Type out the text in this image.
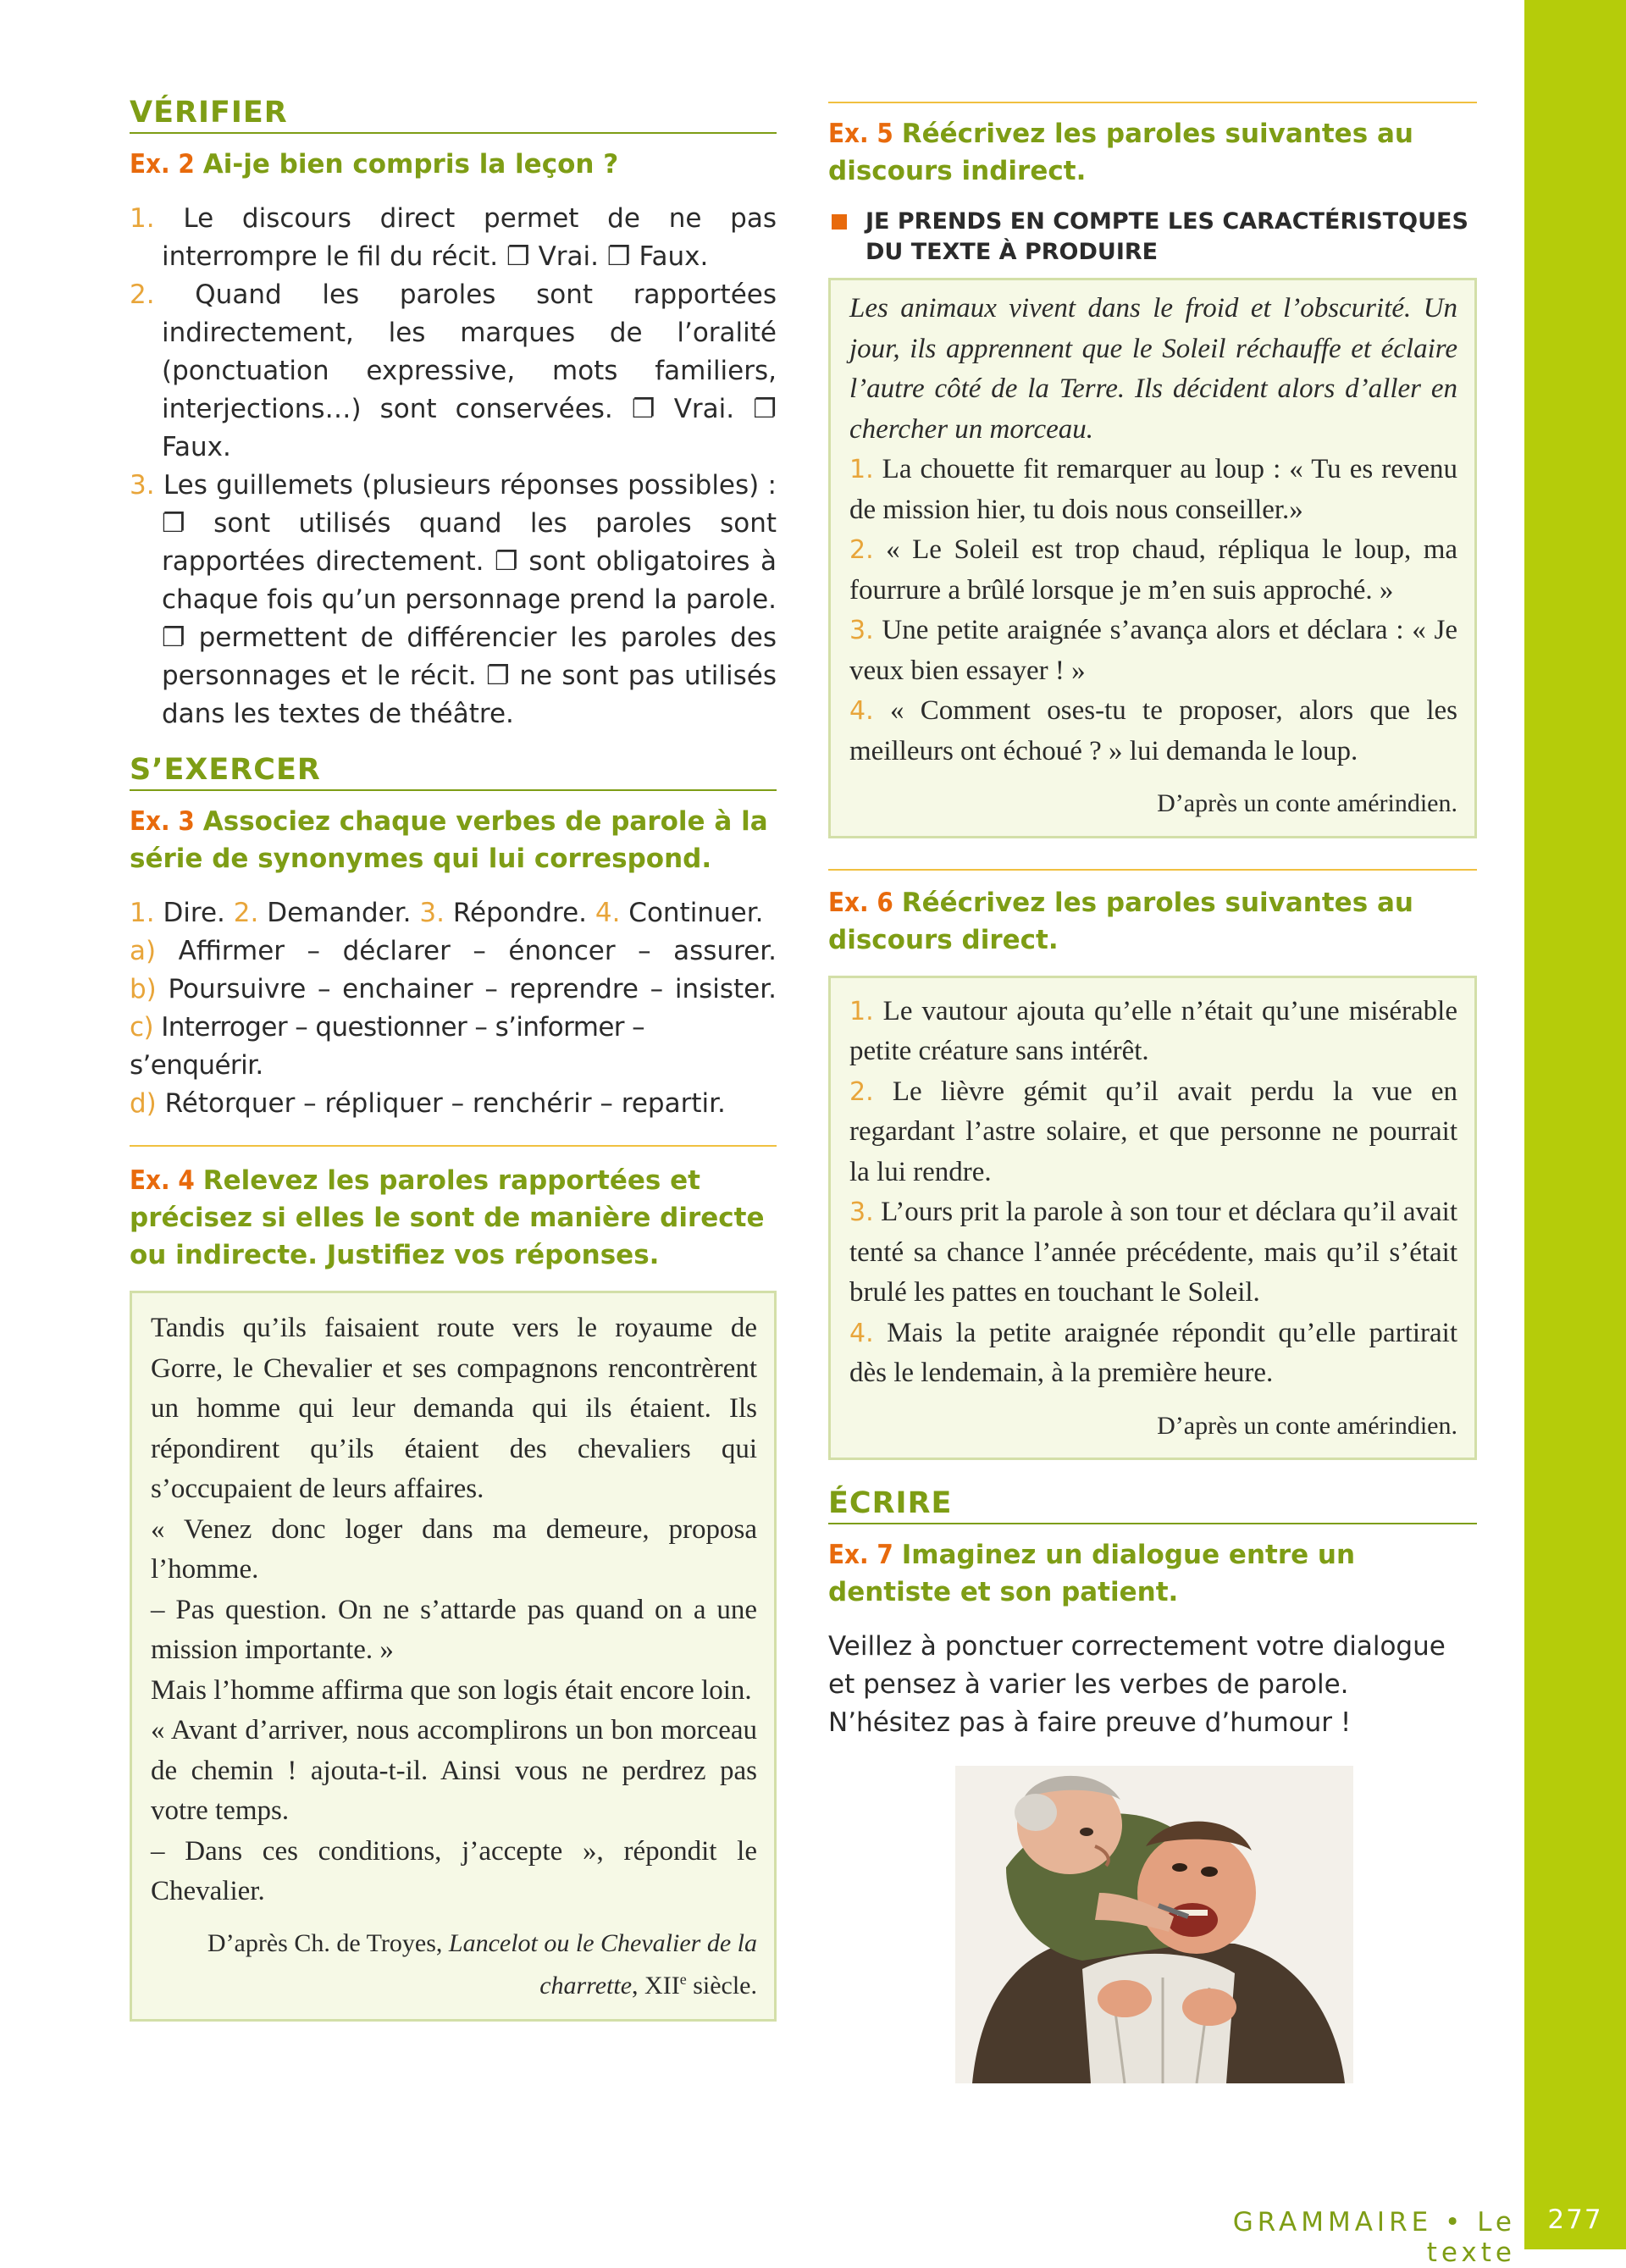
VÉRIFIER
Ex. 2 Ai-je bien compris la leçon ?
1. Le discours direct permet de ne pas interrompre le fil du récit. ❐ Vrai. ❐ Faux.
2. Quand les paroles sont rapportées indirectement, les marques de l’oralité (ponctuation expressive, mots familiers, interjections…) sont conservées. ❐ Vrai. ❐ Faux.
3. Les guillemets (plusieurs réponses possibles) : ❐ sont utilisés quand les paroles sont rapportées directement. ❐ sont obligatoires à chaque fois qu’un personnage prend la parole. ❐ permettent de différencier les paroles des personnages et le récit. ❐ ne sont pas utilisés dans les textes de théâtre.
S’EXERCER
Ex. 3 Associez chaque verbes de parole à la série de synonymes qui lui correspond.
1. Dire. 2. Demander. 3. Répondre. 4. Continuer.
a) Affirmer – déclarer – énoncer – assurer.
b) Poursuivre – enchainer – reprendre – insister.
c) Interroger – questionner – s’informer – s’enquérir.
d) Rétorquer – répliquer – renchérir – repartir.
Ex. 4 Relevez les paroles rapportées et précisez si elles le sont de manière directe ou indirecte. Justifiez vos réponses.
Tandis qu’ils faisaient route vers le royaume de Gorre, le Chevalier et ses compagnons rencontrèrent un homme qui leur demanda qui ils étaient. Ils répondirent qu’ils étaient des chevaliers qui s’occupaient de leurs affaires.
« Venez donc loger dans ma demeure, proposa l’homme.
– Pas question. On ne s’attarde pas quand on a une mission importante. »
Mais l’homme affirma que son logis était encore loin.
« Avant d’arriver, nous accomplirons un bon morceau de chemin ! ajouta-t-il. Ainsi vous ne perdrez pas votre temps.
– Dans ces conditions, j’accepte », répondit le Chevalier.
D’après Ch. de Troyes, Lancelot ou le Chevalier de la charrette, XIIe siècle.
Ex. 5 Réécrivez les paroles suivantes au discours indirect.
JE PRENDS EN COMPTE LES CARACTÉRISTQUES DU TEXTE À PRODUIRE
Les animaux vivent dans le froid et l’obscurité. Un jour, ils apprennent que le Soleil réchauffe et éclaire l’autre côté de la Terre. Ils décident alors d’aller en chercher un morceau.
1. La chouette fit remarquer au loup : « Tu es revenu de mission hier, tu dois nous conseiller.»
2. « Le Soleil est trop chaud, répliqua le loup, ma fourrure a brûlé lorsque je m’en suis approché. »
3. Une petite araignée s’avança alors et déclara : « Je veux bien essayer ! »
4. « Comment oses-tu te proposer, alors que les meilleurs ont échoué ? » lui demanda le loup.
D’après un conte amérindien.
Ex. 6 Réécrivez les paroles suivantes au discours direct.
1. Le vautour ajouta qu’elle n’était qu’une misérable petite créature sans intérêt.
2. Le lièvre gémit qu’il avait perdu la vue en regardant l’astre solaire, et que personne ne pourrait la lui rendre.
3. L’ours prit la parole à son tour et déclara qu’il avait tenté sa chance l’année précédente, mais qu’il s’était brulé les pattes en touchant le Soleil.
4. Mais la petite araignée répondit qu’elle partirait dès le lendemain, à la première heure.
D’après un conte amérindien.
ÉCRIRE
Ex. 7 Imaginez un dialogue entre un dentiste et son patient.
Veillez à ponctuer correctement votre dialogue et pensez à varier les verbes de parole.
N’hésitez pas à faire preuve d’humour !
GRAMMAIRE • Le texte
277
